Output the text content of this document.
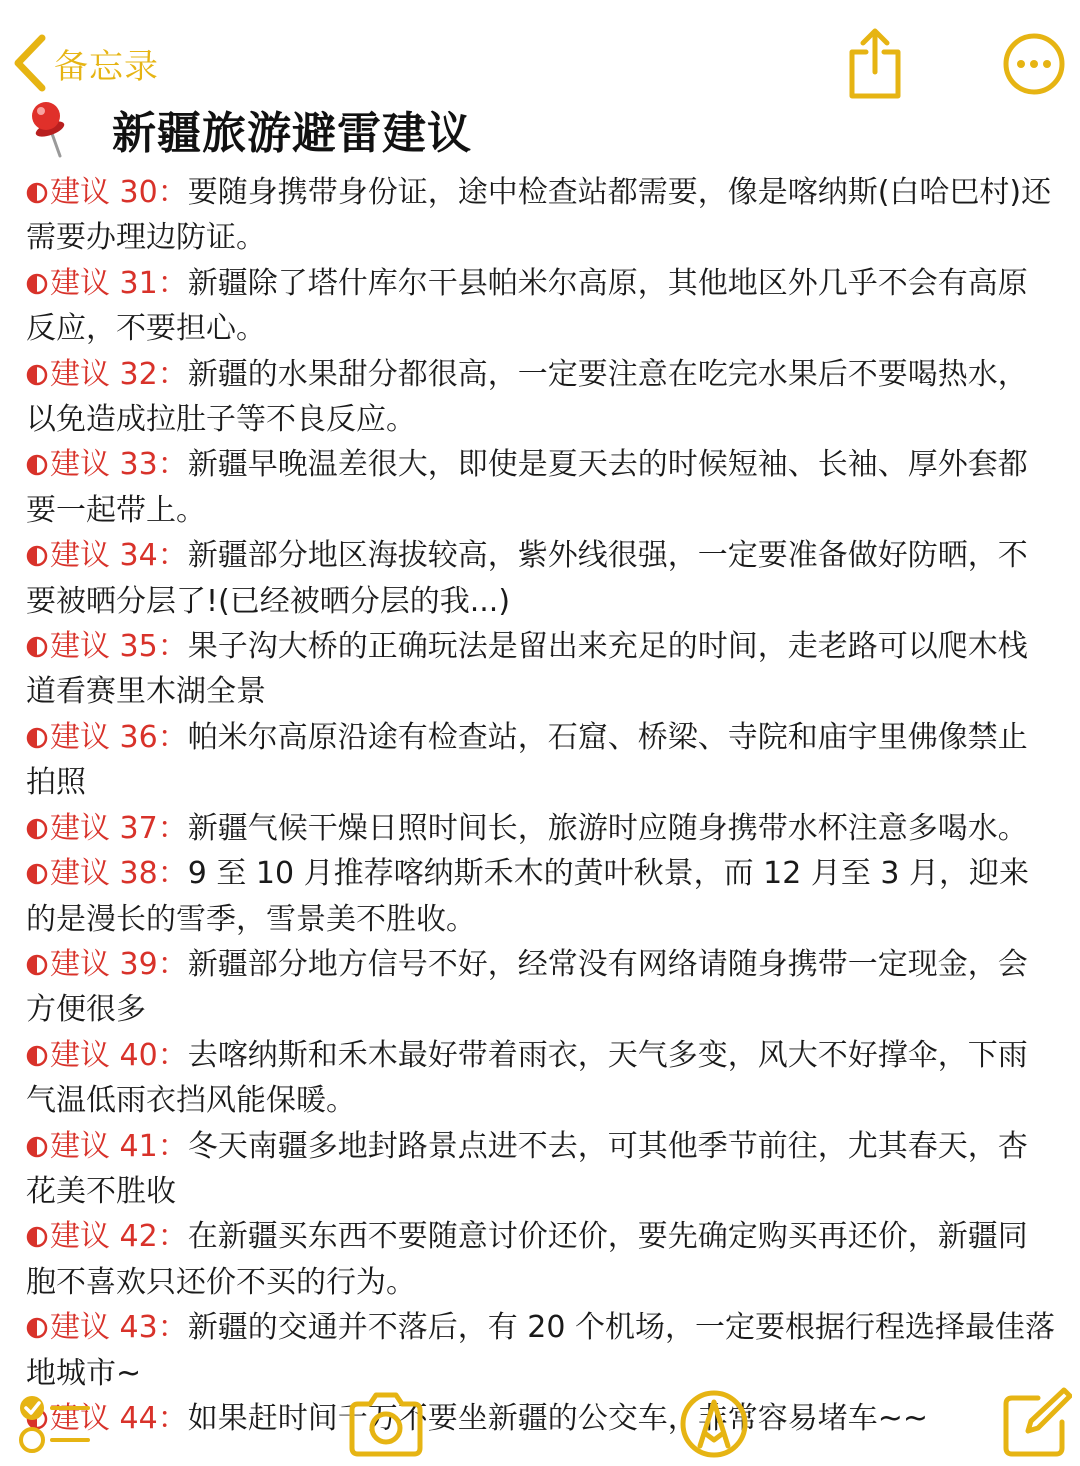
备忘录
新疆旅游避雷建议
建议 30：要随身携带身份证，途中检查站都需要，像是喀纳斯(白哈巴村)还需要办理边防证。
建议 31：新疆除了塔什库尔干县帕米尔高原，其他地区外几乎不会有高原反应，不要担心。
建议 32：新疆的水果甜分都很高，一定要注意在吃完水果后不要喝热水，以免造成拉肚子等不良反应。
建议 33：新疆早晚温差很大，即使是夏天去的时候短袖、长袖、厚外套都要一起带上。
建议 34：新疆部分地区海拔较高，紫外线很强，一定要准备做好防晒，不要被晒分层了!(已经被晒分层的我...)
建议 35：果子沟大桥的正确玩法是留出来充足的时间，走老路可以爬木栈道看赛里木湖全景
建议 36：帕米尔高原沿途有检查站，石窟、桥梁、寺院和庙宇里佛像禁止拍照
建议 37：新疆气候干燥日照时间长，旅游时应随身携带水杯注意多喝水。
建议 38：9 至 10 月推荐喀纳斯禾木的黄叶秋景，而 12 月至 3 月，迎来的是漫长的雪季，雪景美不胜收。
建议 39：新疆部分地方信号不好，经常没有网络请随身携带一定现金，会方便很多
建议 40：去喀纳斯和禾木最好带着雨衣，天气多变，风大不好撑伞，下雨气温低雨衣挡风能保暖。
建议 41：冬天南疆多地封路景点进不去，可其他季节前往，尤其春天，杏花美不胜收
建议 42：在新疆买东西不要随意讨价还价，要先确定购买再还价，新疆同胞不喜欢只还价不买的行为。
建议 43：新疆的交通并不落后，有 20 个机场，一定要根据行程选择最佳落地城市~
建议 44：如果赶时间千万不要坐新疆的公交车，非常容易堵车~~
